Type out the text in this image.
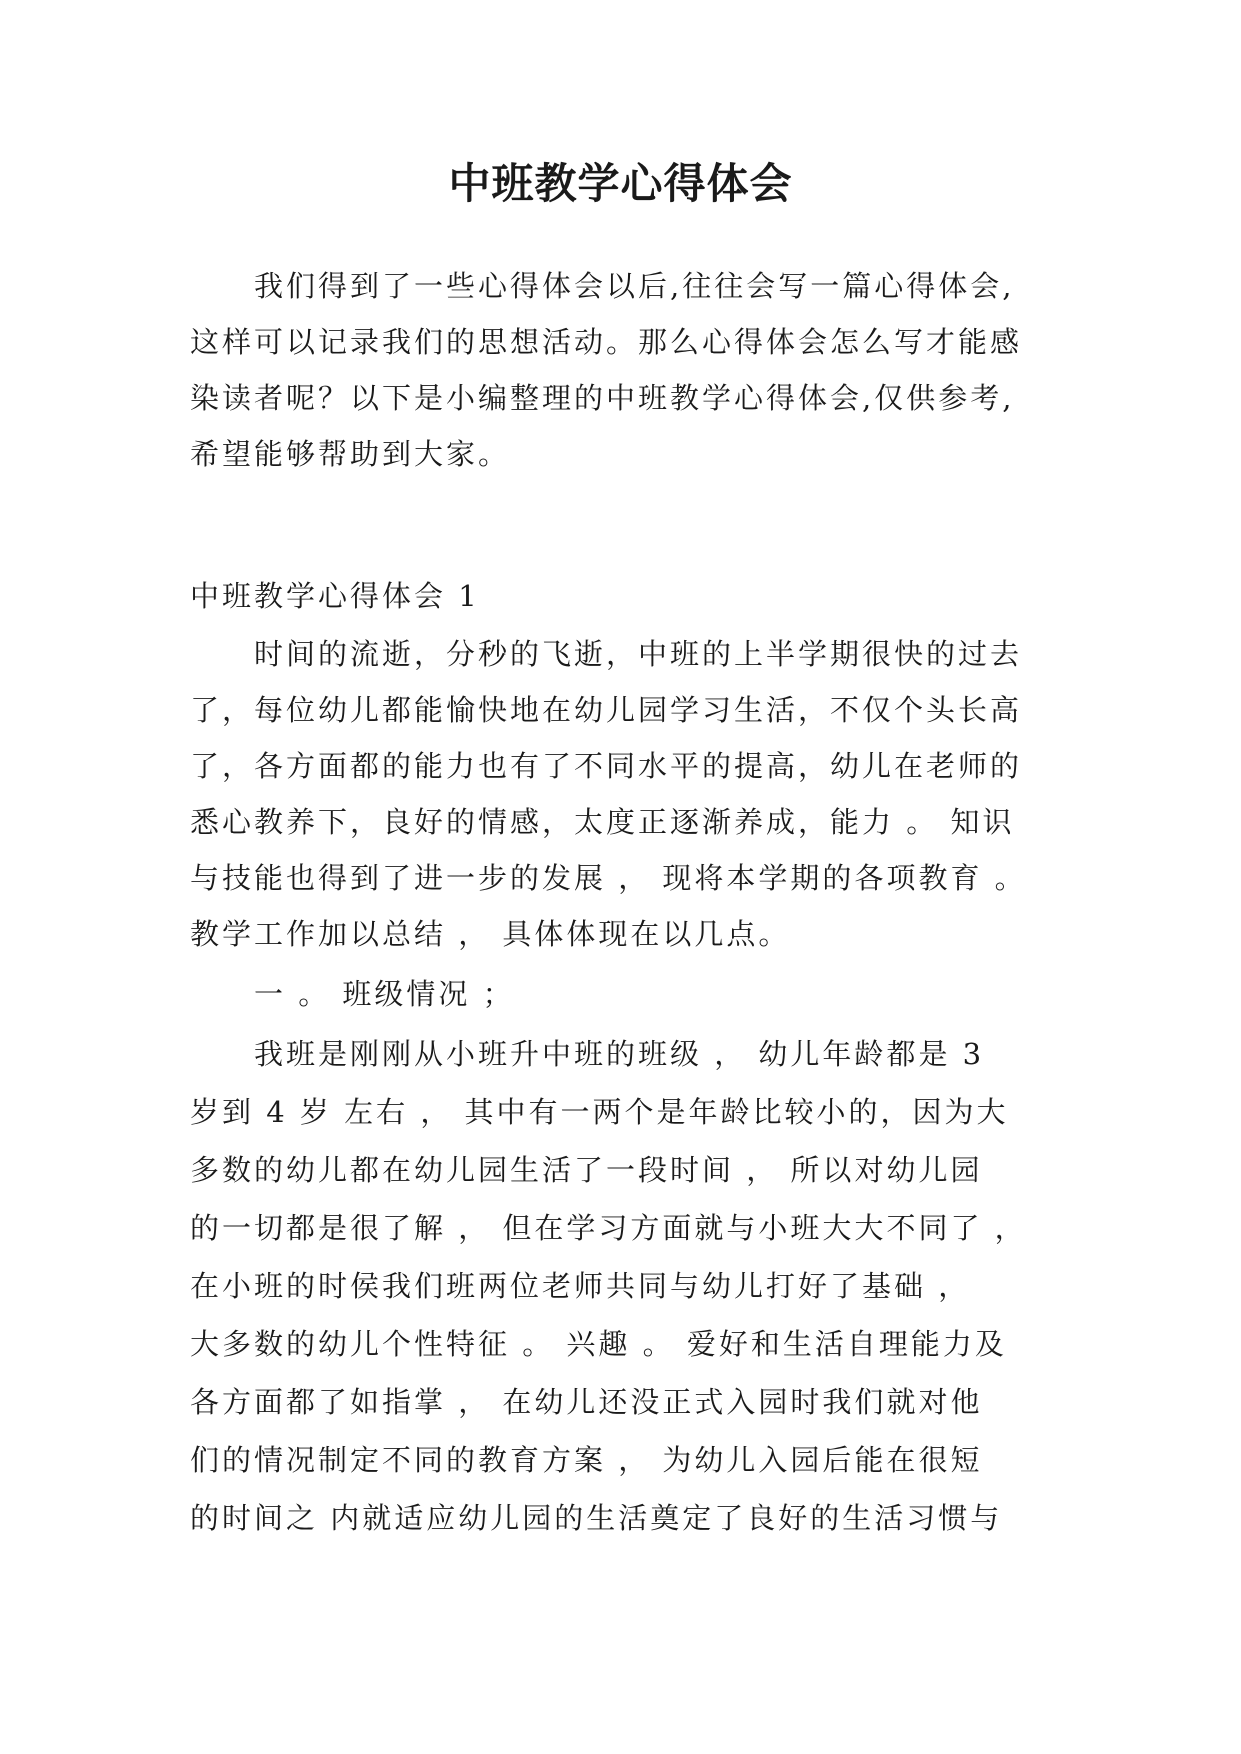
中班教学心得体会

　　我们得到了一些心得体会以后,往往会写一篇心得体会,

这样可以记录我们的思想活动。那么心得体会怎么写才能感

染读者呢？以下是小编整理的中班教学心得体会,仅供参考,

希望能够帮助到大家。

中班教学心得体会 1

　　时间的流逝，分秒的飞逝，中班的上半学期很快的过去

了，每位幼儿都能愉快地在幼儿园学习生活，不仅个头长高

了，各方面都的能力也有了不同水平的提高，幼儿在老师的

悉心教养下，良好的情感，太度正逐渐养成，能力 。 知识

与技能也得到了进一步的发展 ， 现将本学期的各项教育 。

教学工作加以总结 ， 具体体现在以几点。

　　一 。 班级情况 ；

　　我班是刚刚从小班升中班的班级 ， 幼儿年龄都是 3

岁到 4 岁 左右 ， 其中有一两个是年龄比较小的，因为大

多数的幼儿都在幼儿园生活了一段时间 ， 所以对幼儿园

的一切都是很了解 ， 但在学习方面就与小班大大不同了 ，

在小班的时侯我们班两位老师共同与幼儿打好了基础 ，

大多数的幼儿个性特征 。 兴趣 。 爱好和生活自理能力及

各方面都了如指掌 ， 在幼儿还没正式入园时我们就对他

们的情况制定不同的教育方案 ， 为幼儿入园后能在很短

的时间之 内就适应幼儿园的生活奠定了良好的生活习惯与
